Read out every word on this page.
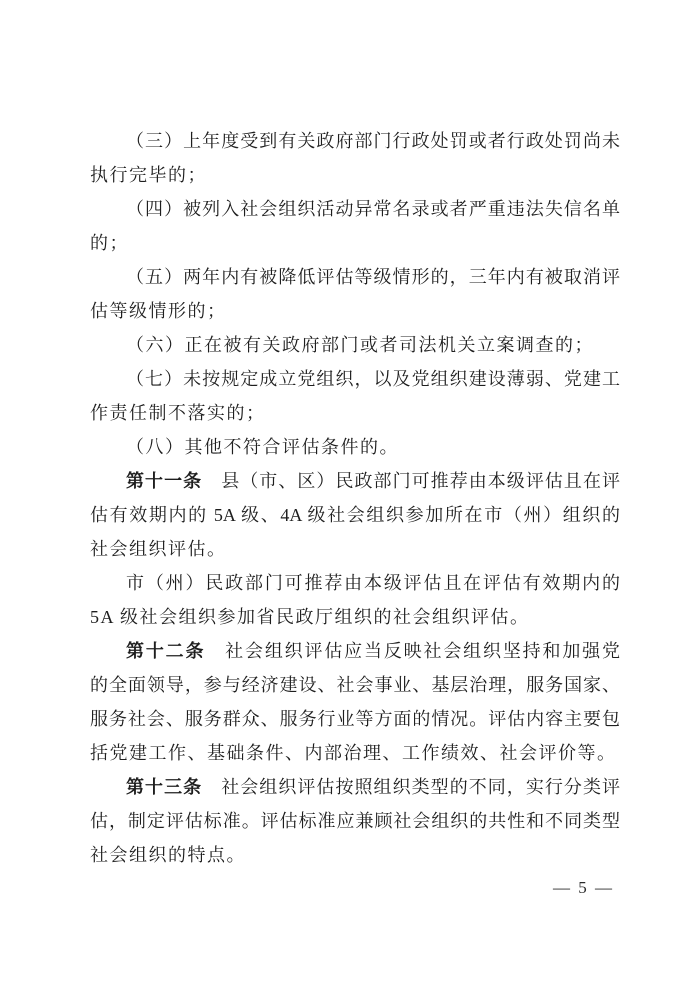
（三）上年度受到有关政府部门行政处罚或者行政处罚尚未
执行完毕的；
（四）被列入社会组织活动异常名录或者严重违法失信名单
的；
（五）两年内有被降低评估等级情形的，三年内有被取消评
估等级情形的；
（六）正在被有关政府部门或者司法机关立案调查的；
（七）未按规定成立党组织，以及党组织建设薄弱、党建工
作责任制不落实的；
（八）其他不符合评估条件的。
第十一条　县（市、区）民政部门可推荐由本级评估且在评
估有效期内的 5A 级、4A 级社会组织参加所在市（州）组织的
社会组织评估。
市（州）民政部门可推荐由本级评估且在评估有效期内的
5A 级社会组织参加省民政厅组织的社会组织评估。
第十二条　社会组织评估应当反映社会组织坚持和加强党
的全面领导，参与经济建设、社会事业、基层治理，服务国家、
服务社会、服务群众、服务行业等方面的情况。评估内容主要包
括党建工作、基础条件、内部治理、工作绩效、社会评价等。
第十三条　社会组织评估按照组织类型的不同，实行分类评
估，制定评估标准。评估标准应兼顾社会组织的共性和不同类型
社会组织的特点。
— 5 —
